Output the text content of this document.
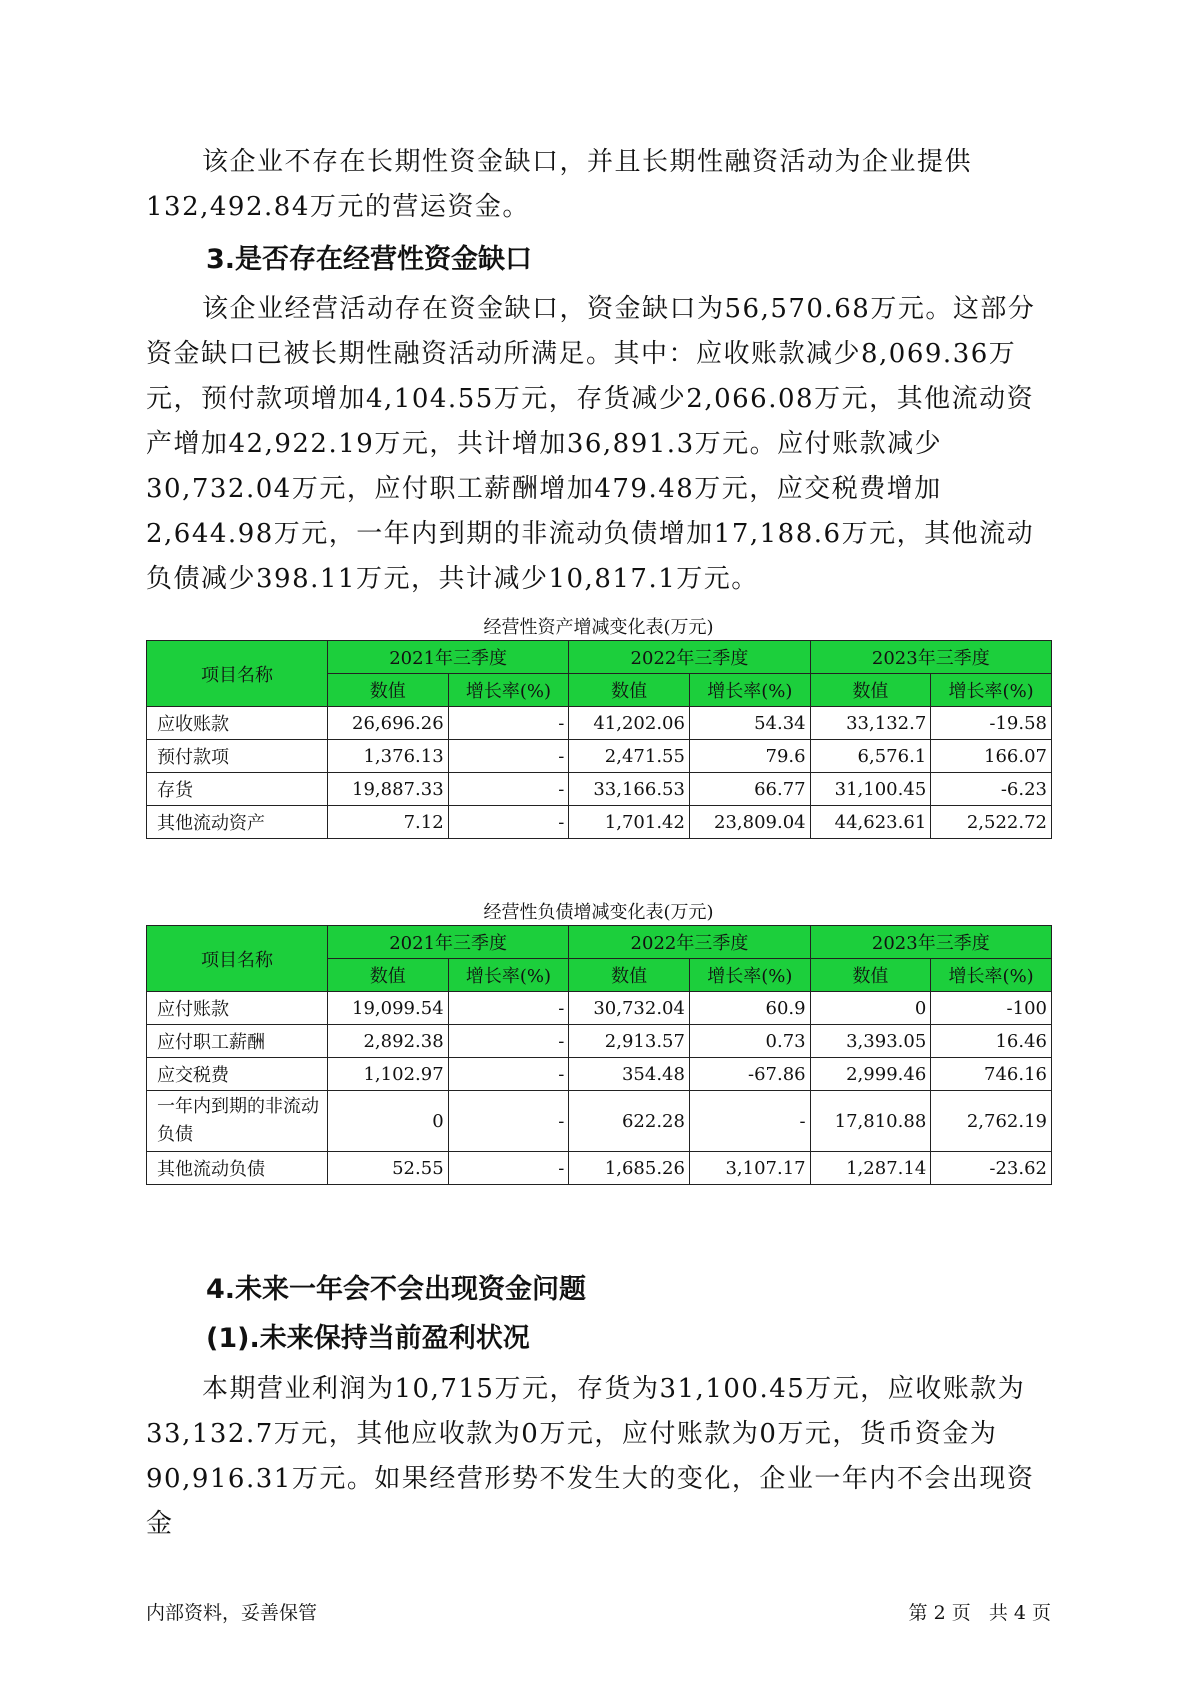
该企业不存在长期性资金缺口，并且长期性融资活动为企业提供132,492.84万元的营运资金。

3.是否存在经营性资金缺口

该企业经营活动存在资金缺口，资金缺口为56,570.68万元。这部分资金缺口已被长期性融资活动所满足。其中：应收账款减少8,069.36万元，预付款项增加4,104.55万元，存货减少2,066.08万元，其他流动资产增加42,922.19万元，共计增加36,891.3万元。应付账款减少30,732.04万元，应付职工薪酬增加479.48万元，应交税费增加2,644.98万元，一年内到期的非流动负债增加17,188.6万元，其他流动负债减少398.11万元，共计减少10,817.1万元。

经营性资产增减变化表(万元)

项目名称	2021年三季度		2022年三季度		2023年三季度	
	数值	增长率(%)	数值	增长率(%)	数值	增长率(%)
应收账款	26,696.26	-	41,202.06	54.34	33,132.7	-19.58
预付款项	1,376.13	-	2,471.55	79.6	6,576.1	166.07
存货	19,887.33	-	33,166.53	66.77	31,100.45	-6.23
其他流动资产	7.12	-	1,701.42	23,809.04	44,623.61	2,522.72

经营性负债增减变化表(万元)

项目名称	2021年三季度		2022年三季度		2023年三季度	
	数值	增长率(%)	数值	增长率(%)	数值	增长率(%)
应付账款	19,099.54	-	30,732.04	60.9	0	-100
应付职工薪酬	2,892.38	-	2,913.57	0.73	3,393.05	16.46
应交税费	1,102.97	-	354.48	-67.86	2,999.46	746.16
一年内到期的非流动负债	0	-	622.28	-	17,810.88	2,762.19
其他流动负债	52.55	-	1,685.26	3,107.17	1,287.14	-23.62
4.未来一年会不会出现资金问题
(1).未来保持当前盈利状况

本期营业利润为10,715万元，存货为31,100.45万元，应收账款为33,132.7万元，其他应收款为0万元，应付账款为0万元，货币资金为90,916.31万元。如果经营形势不发生大的变化，企业一年内不会出现资金

内部资料，妥善保管	第 2 页   共 4 页
